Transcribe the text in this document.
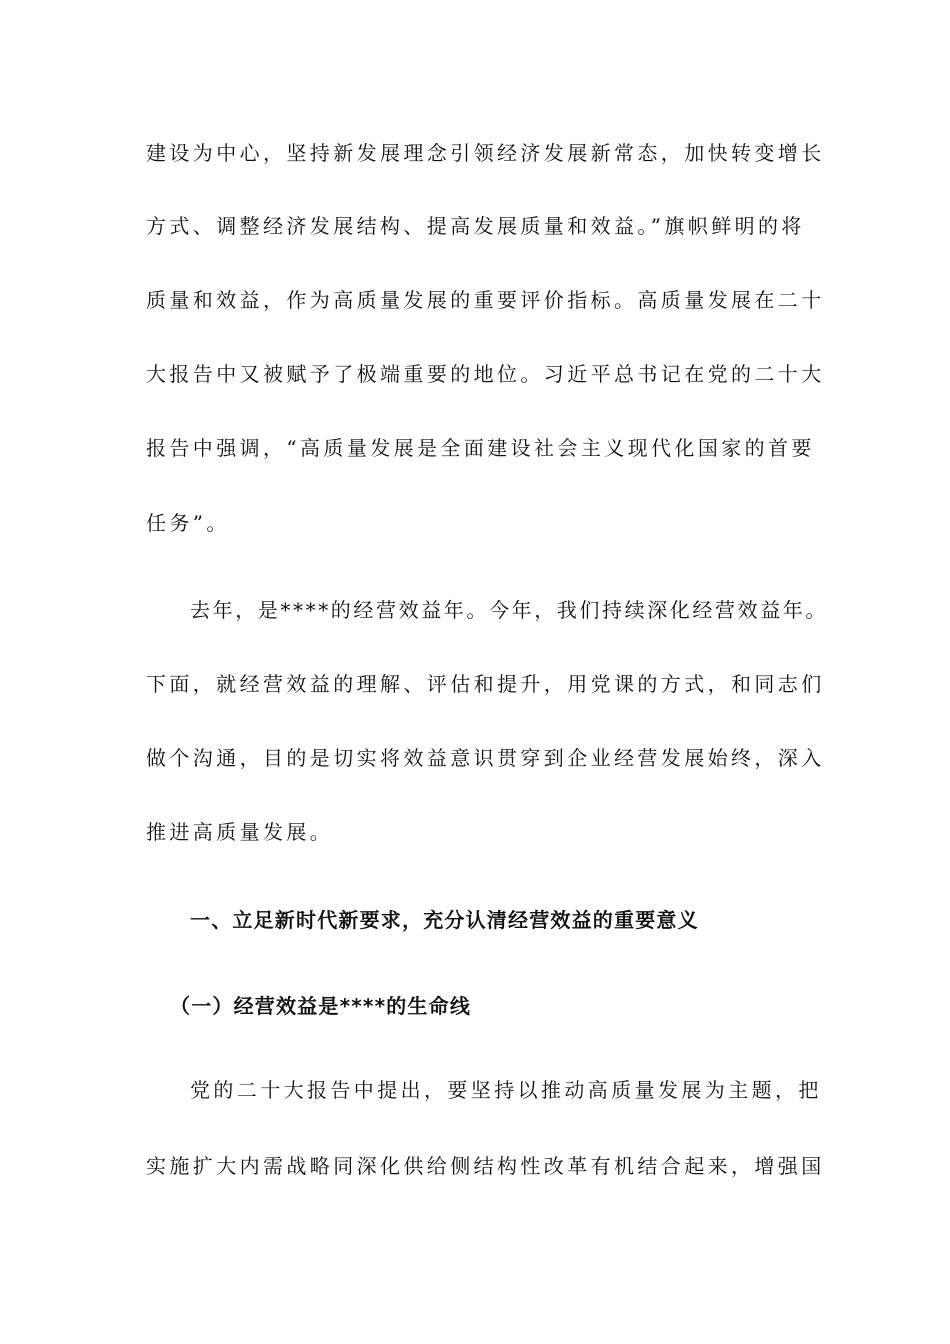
建设为中心，坚持新发展理念引领经济发展新常态，加快转变增长
方式、调整经济发展结构、提高发展质量和效益。”旗帜鲜明的将
质量和效益，作为高质量发展的重要评价指标。高质量发展在二十
大报告中又被赋予了极端重要的地位。习近平总书记在党的二十大
报告中强调，“高质量发展是全面建设社会主义现代化国家的首要
任务”。
去年，是****的经营效益年。今年，我们持续深化经营效益年。
下面，就经营效益的理解、评估和提升，用党课的方式，和同志们
做个沟通，目的是切实将效益意识贯穿到企业经营发展始终，深入
推进高质量发展。
一、立足新时代新要求，充分认清经营效益的重要意义
（一）经营效益是****的生命线
党的二十大报告中提出，要坚持以推动高质量发展为主题，把
实施扩大内需战略同深化供给侧结构性改革有机结合起来，增强国
